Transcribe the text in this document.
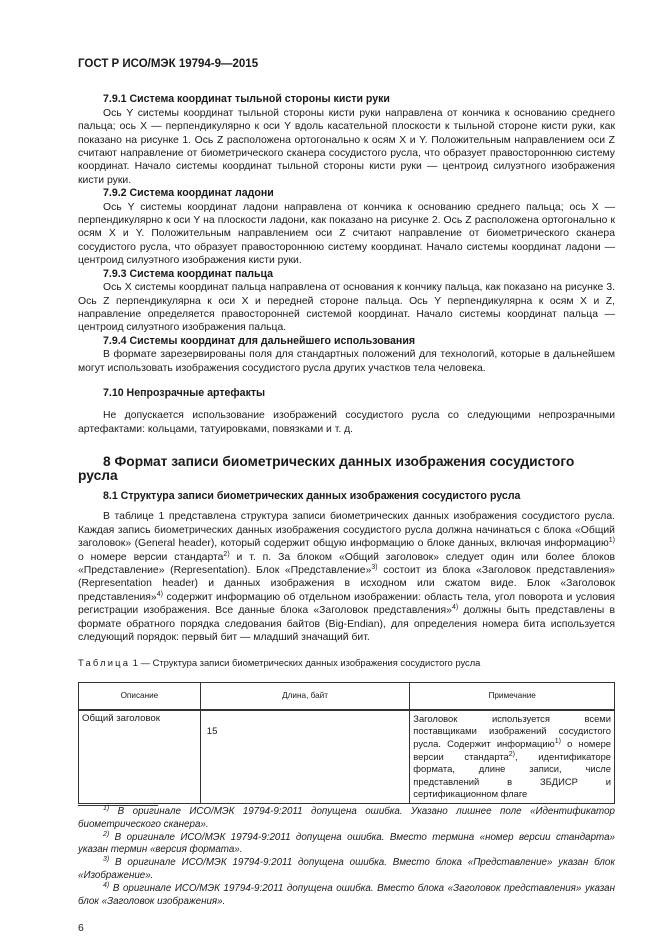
ГОСТ Р ИСО/МЭК 19794-9—2015
7.9.1 Система координат тыльной стороны кисти руки

Ось Y системы координат тыльной стороны кисти руки направлена от кончика к основанию среднего пальца; ось X — перпендикулярно к оси Y вдоль касательной плоскости к тыльной стороне кисти руки, как показано на рисунке 1. Ось Z расположена ортогонально к осям X и Y. Положительным направлением оси Z считают направление от биометрического сканера сосудистого русла, что образует правостороннюю систему координат. Начало системы координат тыльной стороны кисти руки — центроид силуэтного изображения кисти руки.

7.9.2 Система координат ладони

Ось Y системы координат ладони направлена от кончика к основанию среднего пальца; ось X — перпендикулярно к оси Y на плоскости ладони, как показано на рисунке 2. Ось Z расположена ортогонально к осям X и Y. Положительным направлением оси Z считают направление от биометрического сканера сосудистого русла, что образует правостороннюю систему координат. Начало системы координат ладони — центроид силуэтного изображения кисти руки.

7.9.3 Система координат пальца

Ось X системы координат пальца направлена от основания к кончику пальца, как показано на рисунке 3. Ось Z перпендикулярна к оси X и передней стороне пальца. Ось Y перпендикулярна к осям X и Z, направление определяется правосторонней системой координат. Начало системы координат пальца — центроид силуэтного изображения пальца.

7.9.4 Системы координат для дальнейшего использования

В формате зарезервированы поля для стандартных положений для технологий, которые в дальнейшем могут использовать изображения сосудистого русла других участков тела человека.

7.10 Непрозрачные артефакты

Не допускается использование изображений сосудистого русла со следующими непрозрачными артефактами: кольцами, татуировками, повязками и т. д.

8 Формат записи биометрических данных изображения сосудистого русла
8.1 Структура записи биометрических данных изображения сосудистого русла

В таблице 1 представлена структура записи биометрических данных изображения сосудистого русла. Каждая запись биометрических данных изображения сосудистого русла должна начинаться с блока «Общий заголовок» (General header), который содержит общую информацию о блоке данных, включая информацию$^{1)}$ о номере версии стандарта$^{2)}$ и т. п. За блоком «Общий заголовок» следует один или более блоков «Представление» (Representation). Блок «Представление»$^{3)}$ состоит из блока «Заголовок представления» (Representation header) и данных изображения в исходном или сжатом виде. Блок «Заголовок представления»$^{4)}$ содержит информацию об отдельном изображении: область тела, угол поворота и условия регистрации изображения. Все данные блока «Заголовок представления»$^{4)}$ должны быть представлены в формате обратного порядка следования байтов (Big-Endian), для определения номера бита используется следующий порядок: первый бит — младший значащий бит.

Таблица 1 — Структура записи биометрических данных изображения сосудистого русла
Описание	Длина, байт	Примечание
Общий заголовок	15	Заголовок используется всеми поставщиками изображений сосудистого русла. Содержит информацию$^{1)}$ о номере версии стандарта$^{2)}$, идентификаторе формата, длине записи, числе представлений в ЗБДИСР и сертификационном флаге
$^{1)}$ В оригинале ИСО/МЭК 19794-9:2011 допущена ошибка. Указано лишнее поле «Идентификатор биометрического сканера».
$^{2)}$ В оригинале ИСО/МЭК 19794-9:2011 допущена ошибка. Вместо термина «номер версии стандарта» указан термин «версия формата».
$^{3)}$ В оригинале ИСО/МЭК 19794-9:2011 допущена ошибка. Вместо блока «Представление» указан блок «Изображение».
$^{4)}$ В оригинале ИСО/МЭК 19794-9:2011 допущена ошибка. Вместо блока «Заголовок представления» указан блок «Заголовок изображения».
6
